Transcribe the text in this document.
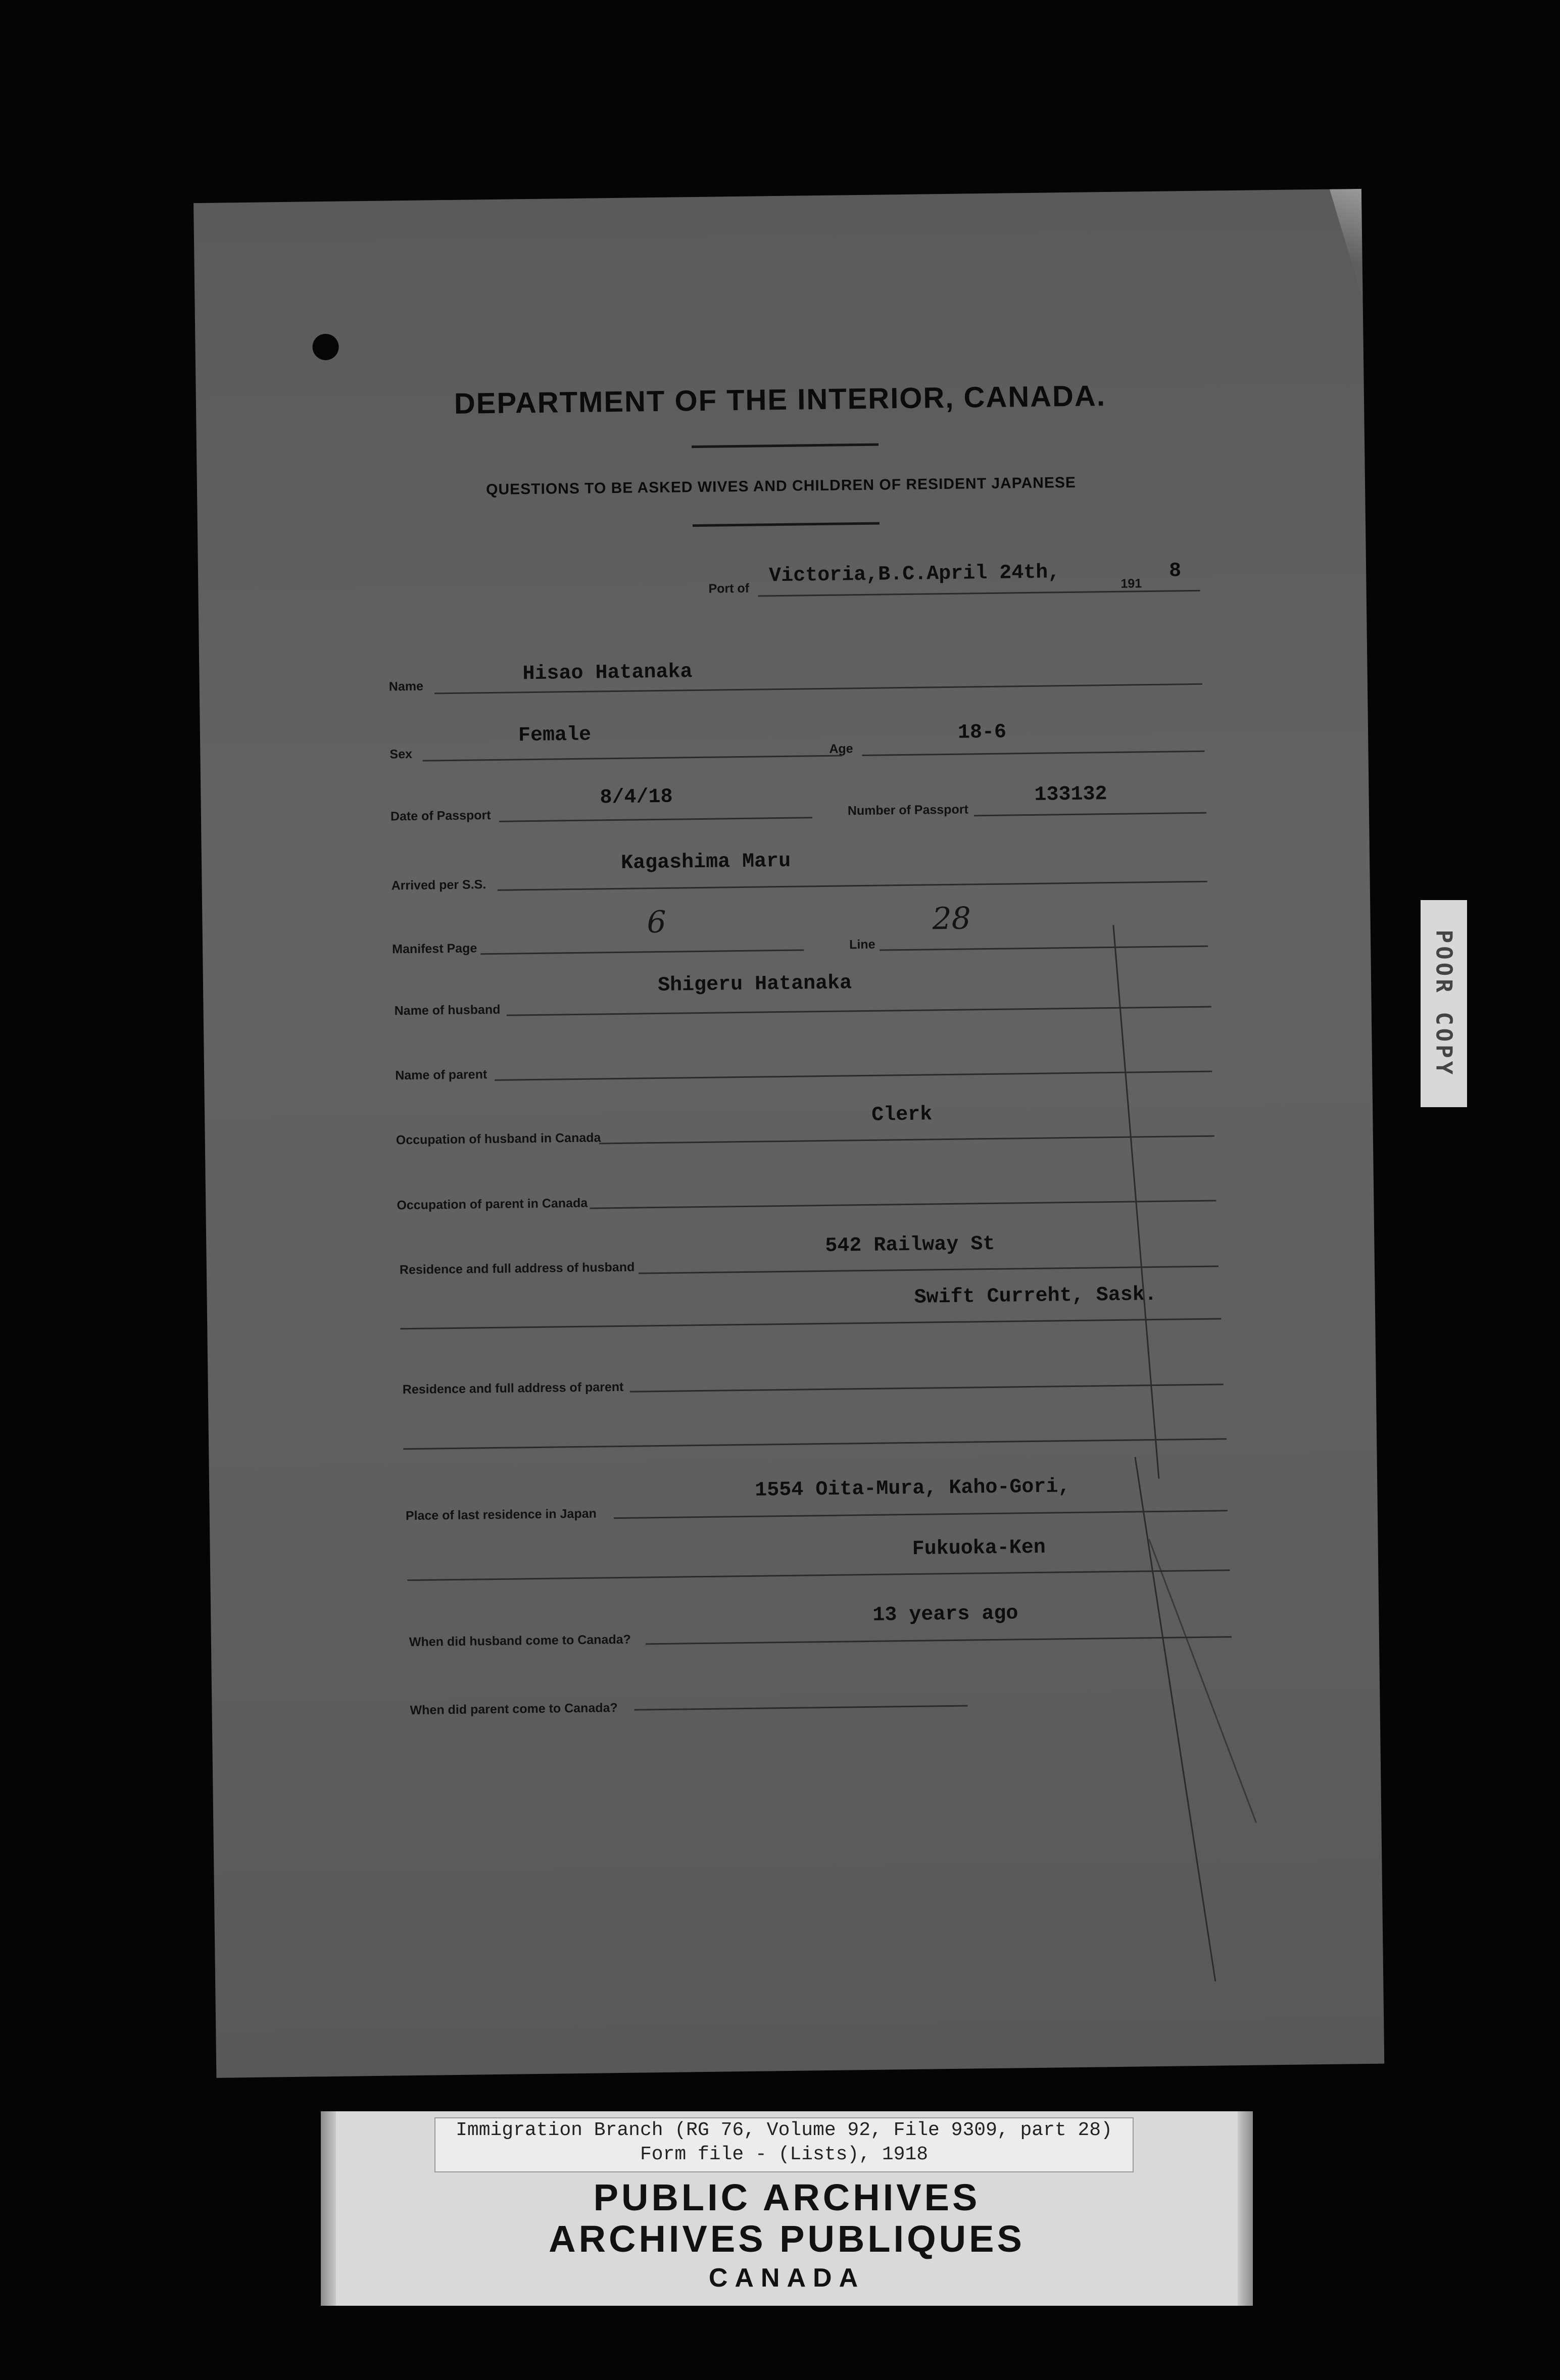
DEPARTMENT OF THE INTERIOR, CANADA.
QUESTIONS TO BE ASKED WIVES AND CHILDREN OF RESIDENT JAPANESE
Port of
Victoria,B.C.April 24th,	191
8
Name
Hisao Hatanaka
Sex
Female
Age
18-6
Date of Passport
8/4/18
Number of Passport
133132
Arrived per S.S.
Kagashima Maru
Manifest Page
6
Line
28
Name of husband
Shigeru Hatanaka
Name of parent
Occupation of husband in Canada
Clerk
Occupation of parent in Canada
Residence and full address of husband
542 Railway St
Swift Curreht, Sask.
Residence and full address of parent
Place of last residence in Japan
1554 Oita-Mura, Kaho-Gori,
Fukuoka-Ken
When did husband come to Canada?
13 years ago
When did parent come to Canada?
POOR COPY
Immigration Branch (RG 76, Volume 92, File 9309, part 28)
Form file - (Lists), 1918
PUBLIC ARCHIVES
ARCHIVES PUBLIQUES
CANADA
